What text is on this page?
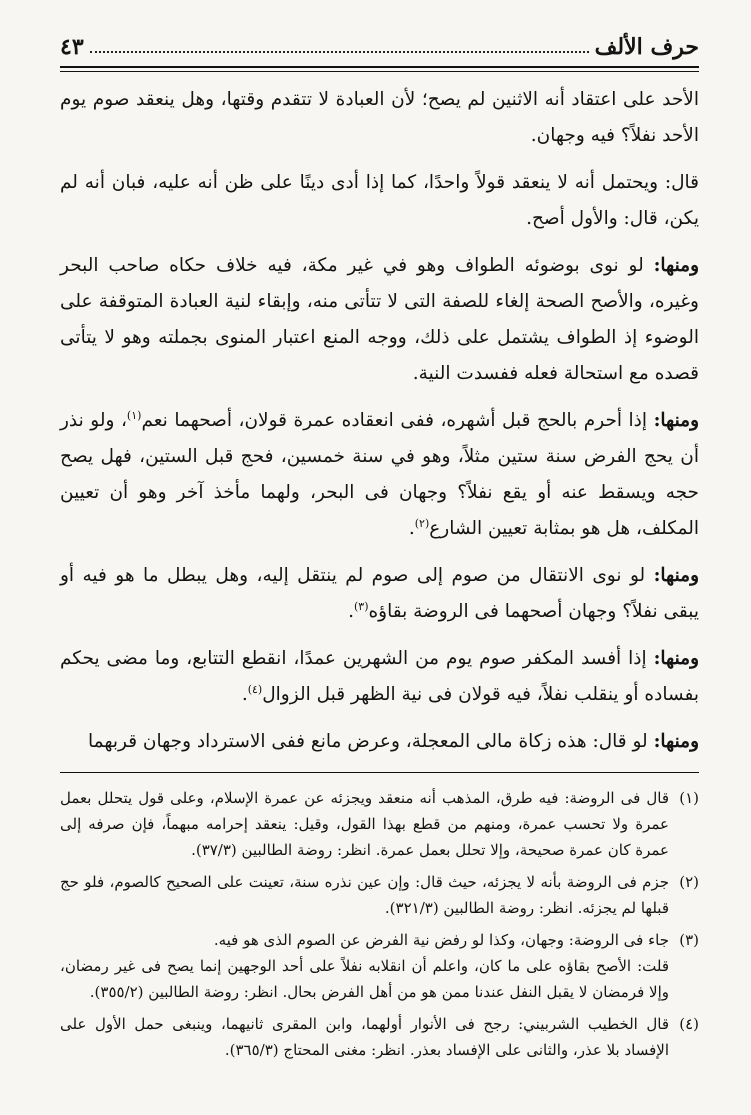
حرف الألف
٤٣

الأحد على اعتقاد أنه الاثنين لم يصح؛ لأن العبادة لا تتقدم وقتها، وهل ينعقد صوم يوم الأحد نفلاً؟ فيه وجهان.

قال: ويحتمل أنه لا ينعقد قولاً واحدًا، كما إذا أدى دينًا على ظن أنه عليه، فبان أنه لم يكن، قال: والأول أصح.

ومنها: لو نوى بوضوئه الطواف وهو في غير مكة، فيه خلاف حكاه صاحب البحر وغيره، والأصح الصحة إلغاء للصفة التى لا تتأتى منه، وإبقاء لنية العبادة المتوقفة على الوضوء إذ الطواف يشتمل على ذلك، ووجه المنع اعتبار المنوى بجملته وهو لا يتأتى قصده مع استحالة فعله ففسدت النية.

ومنها: إذا أحرم بالحج قبل أشهره، ففى انعقاده عمرة قولان، أصحهما نعم$^{(١)}$، ولو نذر أن يحج الفرض سنة ستين مثلاً، وهو في سنة خمسين، فحج قبل الستين، فهل يصح حجه ويسقط عنه أو يقع نفلاً؟ وجهان فى البحر، ولهما مأخذ آخر وهو أن تعيين المكلف، هل هو بمثابة تعيين الشارع$^{(٢)}$.

ومنها: لو نوى الانتقال من صوم إلى صوم لم ينتقل إليه، وهل يبطل ما هو فيه أو يبقى نفلاً؟ وجهان أصحهما فى الروضة بقاؤه$^{(٣)}$.

ومنها: إذا أفسد المكفر صوم يوم من الشهرين عمدًا، انقطع التتابع، وما مضى يحكم بفساده أو ينقلب نفلاً، فيه قولان فى نية الظهر قبل الزوال$^{(٤)}$.

ومنها: لو قال: هذه زكاة مالى المعجلة، وعرض مانع ففى الاسترداد وجهان قربهما

(١)
قال فى الروضة: فيه طرق، المذهب أنه منعقد ويجزئه عن عمرة الإسلام، وعلى قول يتحلل بعمل عمرة ولا تحسب عمرة، ومنهم من قطع بهذا القول، وقيل: ينعقد إحرامه مبهماً، فإن صرفه إلى عمرة كان عمرة صحيحة، وإلا تحلل بعمل عمرة. انظر: روضة الطالبين (٣٧/٣).
(٢)
جزم فى الروضة بأنه لا يجزئه، حيث قال: وإن عين نذره سنة، تعينت على الصحيح كالصوم، فلو حج قبلها لم يجزئه. انظر: روضة الطالبين (٣٢١/٣).
(٣)

جاء فى الروضة: وجهان، وكذا لو رفض نية الفرض عن الصوم الذى هو فيه.

قلت: الأصح بقاؤه على ما كان، واعلم أن انقلابه نفلاً على أحد الوجهين إنما يصح فى غير رمضان، وإلا فرمضان لا يقبل النفل عندنا ممن هو من أهل الفرض بحال. انظر: روضة الطالبين (٣٥٥/٢).

(٤)
قال الخطيب الشربيني: رجح فى الأنوار أولهما، وابن المقرى ثانيهما، وينبغى حمل الأول على الإفساد بلا عذر، والثانى على الإفساد بعذر. انظر: مغنى المحتاج (٣٦٥/٣).
